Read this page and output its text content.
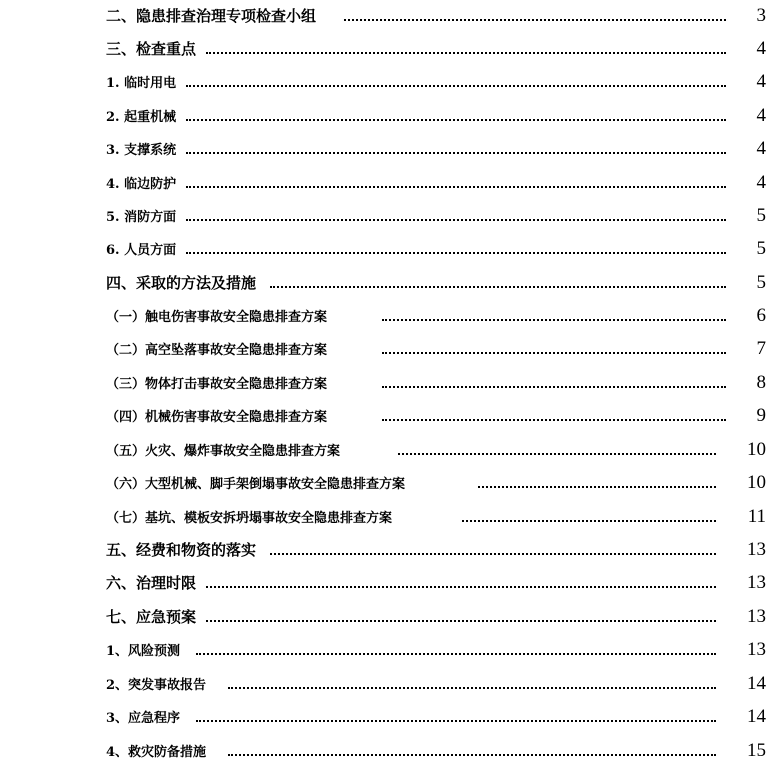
二、隐患排查治理专项检查小组	3
三、检查重点	4
1. 临时用电	4
2. 起重机械	4
3. 支撑系统	4
4. 临边防护	4
5. 消防方面	5
6. 人员方面	5
四、采取的方法及措施	5
（一）触电伤害事故安全隐患排查方案	6
（二）高空坠落事故安全隐患排查方案	7
（三）物体打击事故安全隐患排查方案	8
（四）机械伤害事故安全隐患排查方案	9
（五）火灾、爆炸事故安全隐患排查方案	10
（六）大型机械、脚手架倒塌事故安全隐患排查方案	10
（七）基坑、模板安拆坍塌事故安全隐患排查方案	11
五、经费和物资的落实	13
六、治理时限	13
七、应急预案	13
1、风险预测	13
2、突发事故报告	14
3、应急程序	14
4、救灾防备措施	15
